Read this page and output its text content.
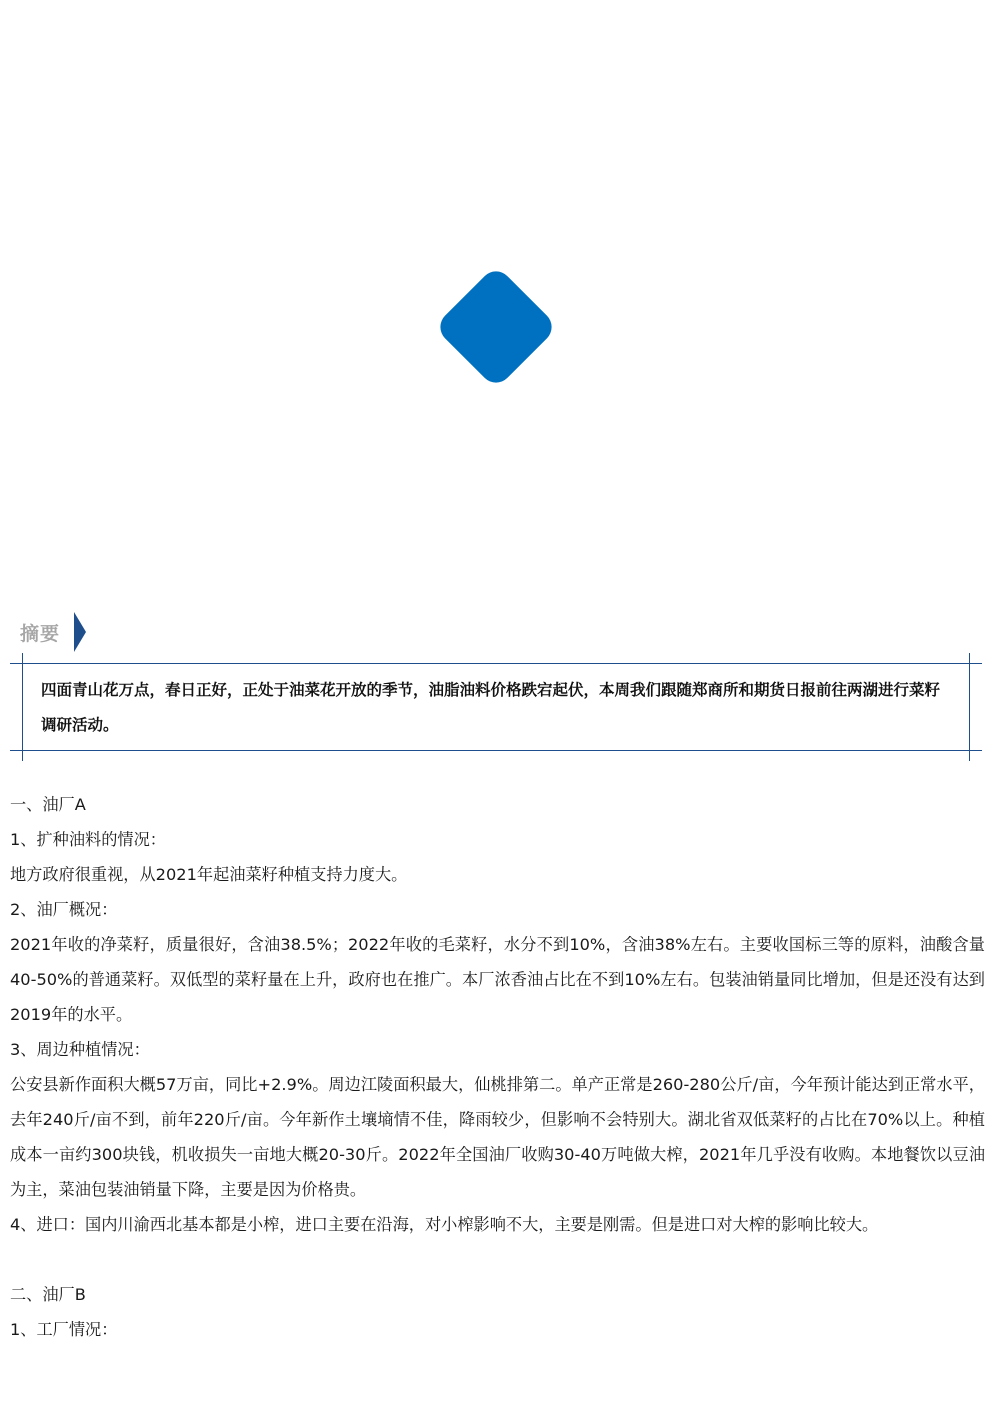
摘要
四面青山花万点，春日正好，正处于油菜花开放的季节，油脂油料价格跌宕起伏，本周我们跟随郑商所和期货日报前往两湖进行菜籽调研活动。

一、油厂A

1、扩种油料的情况：

地方政府很重视，从2021年起油菜籽种植支持力度大。

2、油厂概况：

2021年收的净菜籽，质量很好，含油38.5%；2022年收的毛菜籽，水分不到10%，含油38%左右。主要收国标三等的原料，油酸含量40-50%的普通菜籽。双低型的菜籽量在上升，政府也在推广。本厂浓香油占比在不到10%左右。包装油销量同比增加，但是还没有达到2019年的水平。

3、周边种植情况：

公安县新作面积大概57万亩，同比+2.9%。周边江陵面积最大，仙桃排第二。单产正常是260-280公斤/亩，今年预计能达到正常水平，去年240斤/亩不到，前年220斤/亩。今年新作土壤墒情不佳，降雨较少，但影响不会特别大。湖北省双低菜籽的占比在70%以上。种植成本一亩约300块钱，机收损失一亩地大概20-30斤。2022年全国油厂收购30-40万吨做大榨，2021年几乎没有收购。本地餐饮以豆油为主，菜油包装油销量下降，主要是因为价格贵。

4、进口：国内川渝西北基本都是小榨，进口主要在沿海，对小榨影响不大，主要是刚需。但是进口对大榨的影响比较大。

二、油厂B

1、工厂情况：
